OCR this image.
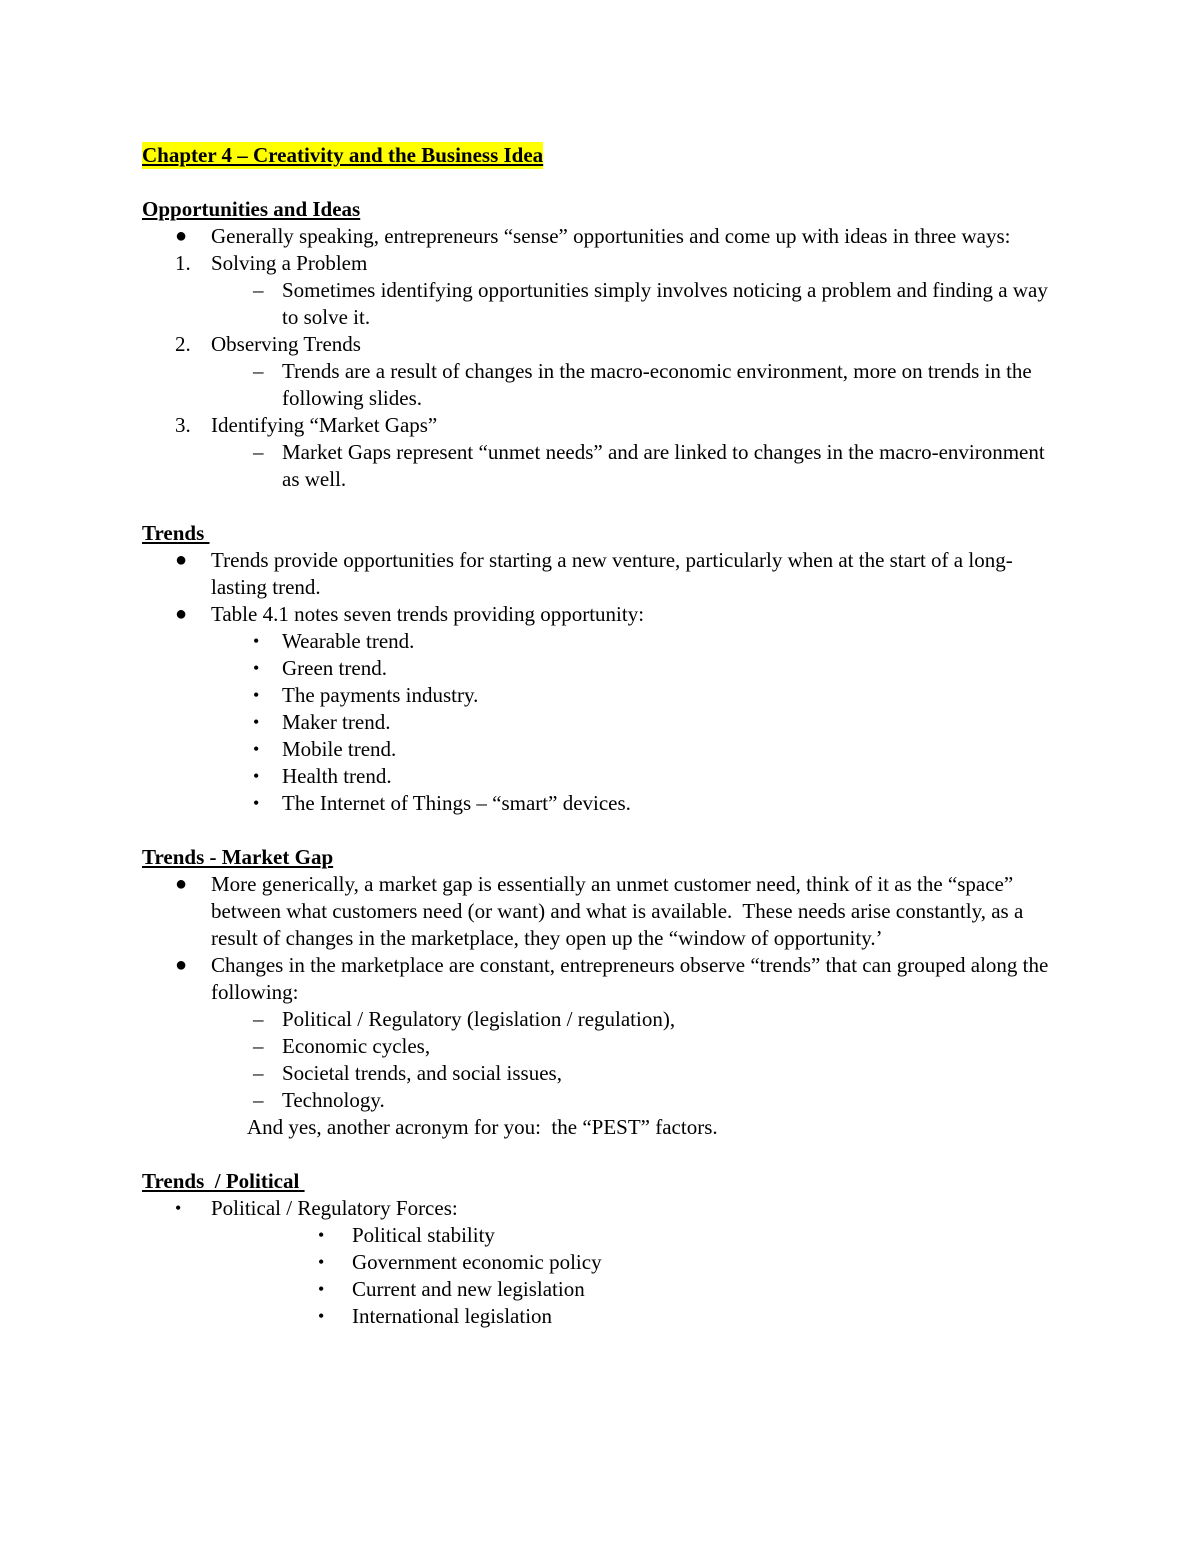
Chapter 4 – Creativity and the Business Idea

Opportunities and Ideas

● Generally speaking, entrepreneurs “sense” opportunities and come up with ideas in three ways:
1. Solving a Problem
– Sometimes identifying opportunities simply involves noticing a problem and finding a way to solve it.
2. Observing Trends
– Trends are a result of changes in the macro-economic environment, more on trends in the following slides.
3. Identifying “Market Gaps”
– Market Gaps represent “unmet needs” and are linked to changes in the macro-environment as well.

Trends

● Trends provide opportunities for starting a new venture, particularly when at the start of a long-lasting trend.
● Table 4.1 notes seven trends providing opportunity:
• Wearable trend.
• Green trend.
• The payments industry.
• Maker trend.
• Mobile trend.
• Health trend.
• The Internet of Things – “smart” devices.

Trends - Market Gap

● More generically, a market gap is essentially an unmet customer need, think of it as the “space” between what customers need (or want) and what is available.  These needs arise constantly, as a result of changes in the marketplace, they open up the “window of opportunity.’
● Changes in the marketplace are constant, entrepreneurs observe “trends” that can grouped along the following:
– Political / Regulatory (legislation / regulation),
– Economic cycles,
– Societal trends, and social issues,
– Technology.
And yes, another acronym for you:  the “PEST” factors.

Trends  / Political

• Political / Regulatory Forces:
• Political stability
• Government economic policy
• Current and new legislation
• International legislation
